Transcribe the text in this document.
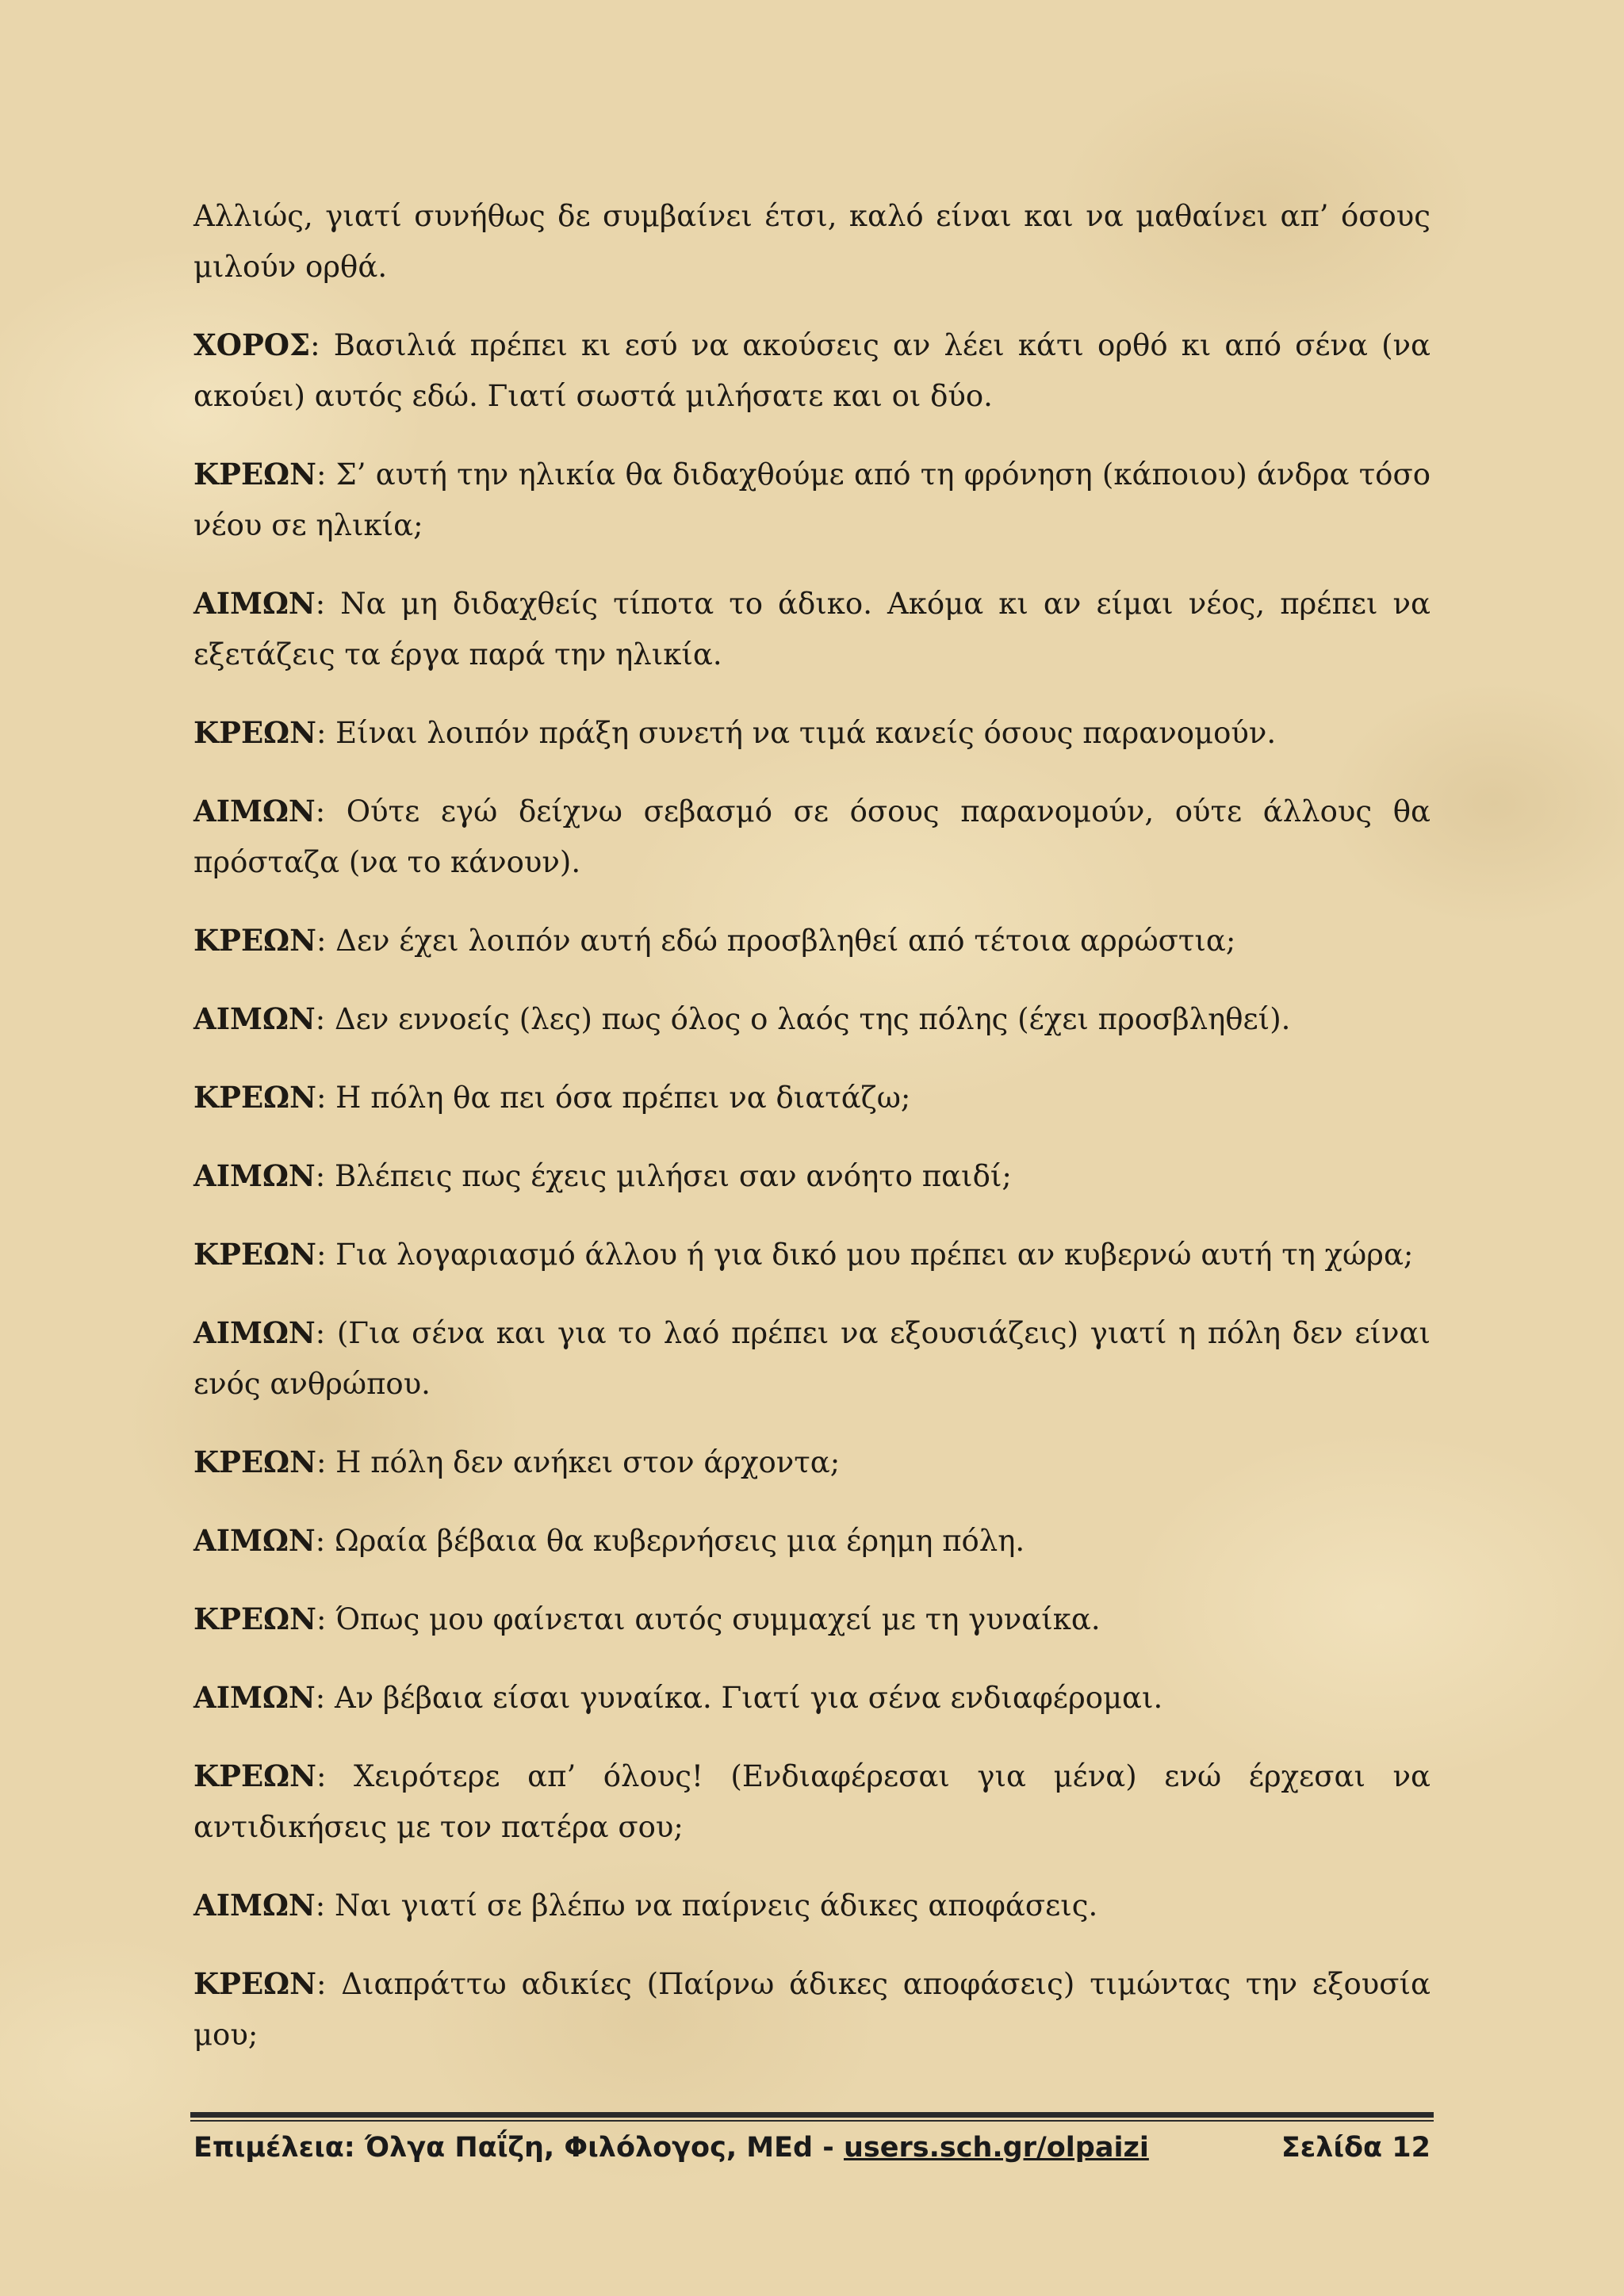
Αλλιώς, γιατί συνήθως δε συμβαίνει έτσι, καλό είναι και να μαθαίνει απ’ όσους μιλούν ορθά.

ΧΟΡΟΣ: Βασιλιά πρέπει κι εσύ να ακούσεις αν λέει κάτι ορθό κι από σένα (να ακούει) αυτός εδώ. Γιατί σωστά μιλήσατε και οι δύο.

ΚΡΕΩΝ: Σ’ αυτή την ηλικία θα διδαχθούμε από τη φρόνηση (κάποιου) άνδρα τόσο νέου σε ηλικία;

ΑΙΜΩΝ: Να μη διδαχθείς τίποτα το άδικο. Ακόμα κι αν είμαι νέος, πρέπει να εξετάζεις τα έργα παρά την ηλικία.

ΚΡΕΩΝ: Είναι λοιπόν πράξη συνετή να τιμά κανείς όσους παρανομούν.

ΑΙΜΩΝ: Ούτε εγώ δείχνω σεβασμό σε όσους παρανομούν, ούτε άλλους θα πρόσταζα (να το κάνουν).

ΚΡΕΩΝ: Δεν έχει λοιπόν αυτή εδώ προσβληθεί από τέτοια αρρώστια;

ΑΙΜΩΝ: Δεν εννοείς (λες) πως όλος ο λαός της πόλης (έχει προσβληθεί).

ΚΡΕΩΝ: Η πόλη θα πει όσα πρέπει να διατάζω;

ΑΙΜΩΝ: Βλέπεις πως έχεις μιλήσει σαν ανόητο παιδί;

ΚΡΕΩΝ: Για λογαριασμό άλλου ή για δικό μου πρέπει αν κυβερνώ αυτή τη χώρα;

ΑΙΜΩΝ: (Για σένα και για το λαό πρέπει να εξουσιάζεις) γιατί η πόλη δεν είναι ενός ανθρώπου.

ΚΡΕΩΝ: Η πόλη δεν ανήκει στον άρχοντα;

ΑΙΜΩΝ: Ωραία βέβαια θα κυβερνήσεις μια έρημη πόλη.

ΚΡΕΩΝ: Όπως μου φαίνεται αυτός συμμαχεί με τη γυναίκα.

ΑΙΜΩΝ: Αν βέβαια είσαι γυναίκα. Γιατί για σένα ενδιαφέρομαι.

ΚΡΕΩΝ: Χειρότερε απ’ όλους! (Ενδιαφέρεσαι για μένα) ενώ έρχεσαι να αντιδικήσεις με τον πατέρα σου;

ΑΙΜΩΝ: Ναι γιατί σε βλέπω να παίρνεις άδικες αποφάσεις.

ΚΡΕΩΝ: Διαπράττω αδικίες (Παίρνω άδικες αποφάσεις) τιμώντας την εξουσία μου;

Επιμέλεια: Όλγα Παΐζη, Φιλόλογος, MEd - users.sch.gr/olpaizi	Σελίδα 12
